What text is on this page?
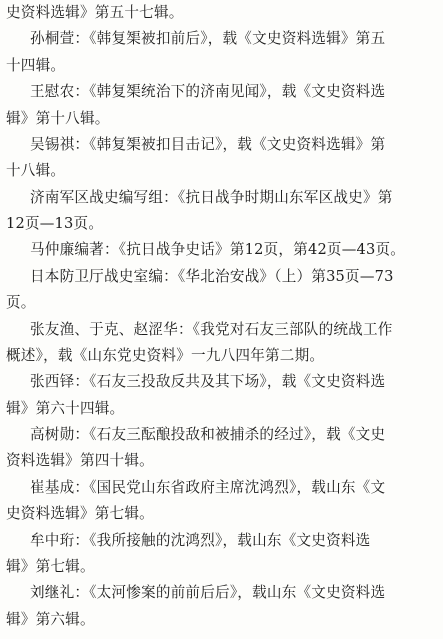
史资料选辑》第五十七辑。
孙桐萱：《韩复榘被扣前后》，载《文史资料选辑》第五
十四辑。
王慰农：《韩复榘统治下的济南见闻》，载《文史资料选
辑》第十八辑。
吴锡祺：《韩复榘被扣目击记》，载《文史资料选辑》第
十八辑。
济南军区战史编写组：《抗日战争时期山东军区战史》第
12页—13页。
马仲廉编著：《抗日战争史话》第12页，第42页—43页。
日本防卫厅战史室编：《华北治安战》（上）第35页—73
页。
张友渔、于克、赵涩华：《我党对石友三部队的统战工作
概述》，载《山东党史资料》一九八四年第二期。
张西铎：《石友三投敌反共及其下场》，载《文史资料选
辑》第六十四辑。
高树勋：《石友三酝酿投敌和被捕杀的经过》，载《文史
资料选辑》第四十辑。
崔基成：《国民党山东省政府主席沈鸿烈》，载山东《文
史资料选辑》第七辑。
牟中珩：《我所接触的沈鸿烈》，载山东《文史资料选
辑》第七辑。
刘继礼：《太河惨案的前前后后》，载山东《文史资料选
辑》第六辑。
